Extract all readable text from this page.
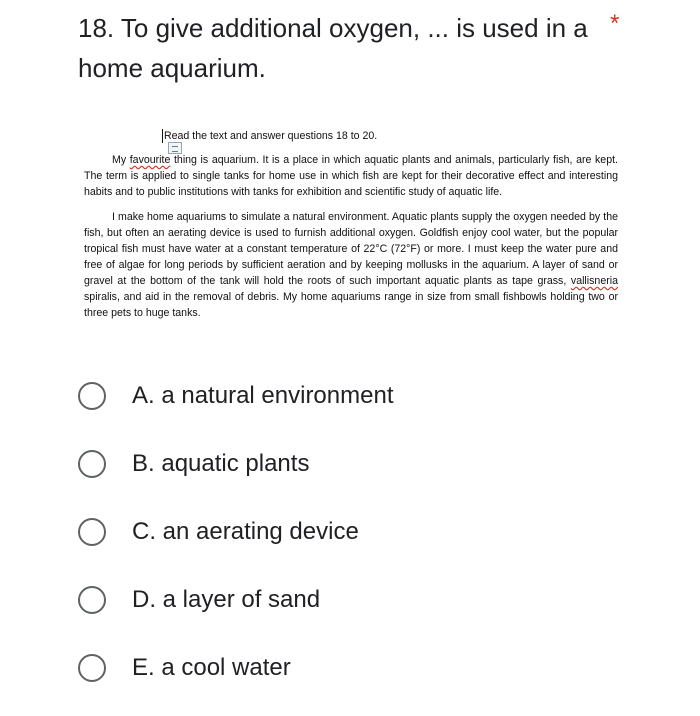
18. To give additional oxygen, ... is used in a home aquarium.
*

Read the text and answer questions 18 to 20.

My favourite thing is aquarium. It is a place in which aquatic plants and animals, particularly fish, are kept. The term is applied to single tanks for home use in which fish are kept for their decorative effect and interesting habits and to public institutions with tanks for exhibition and scientific study of aquatic life.

I make home aquariums to simulate a natural environment. Aquatic plants supply the oxygen needed by the fish, but often an aerating device is used to furnish additional oxygen. Goldfish enjoy cool water, but the popular tropical fish must have water at a constant temperature of 22°C (72°F) or more. I must keep the water pure and free of algae for long periods by sufficient aeration and by keeping mollusks in the aquarium. A layer of sand or gravel at the bottom of the tank will hold the roots of such important aquatic plants as tape grass, vallisneria spiralis, and aid in the removal of debris. My home aquariums range in size from small fishbowls holding two or three pets to huge tanks.

A. a natural environment
B. aquatic plants
C. an aerating device
D. a layer of sand
E. a cool water
